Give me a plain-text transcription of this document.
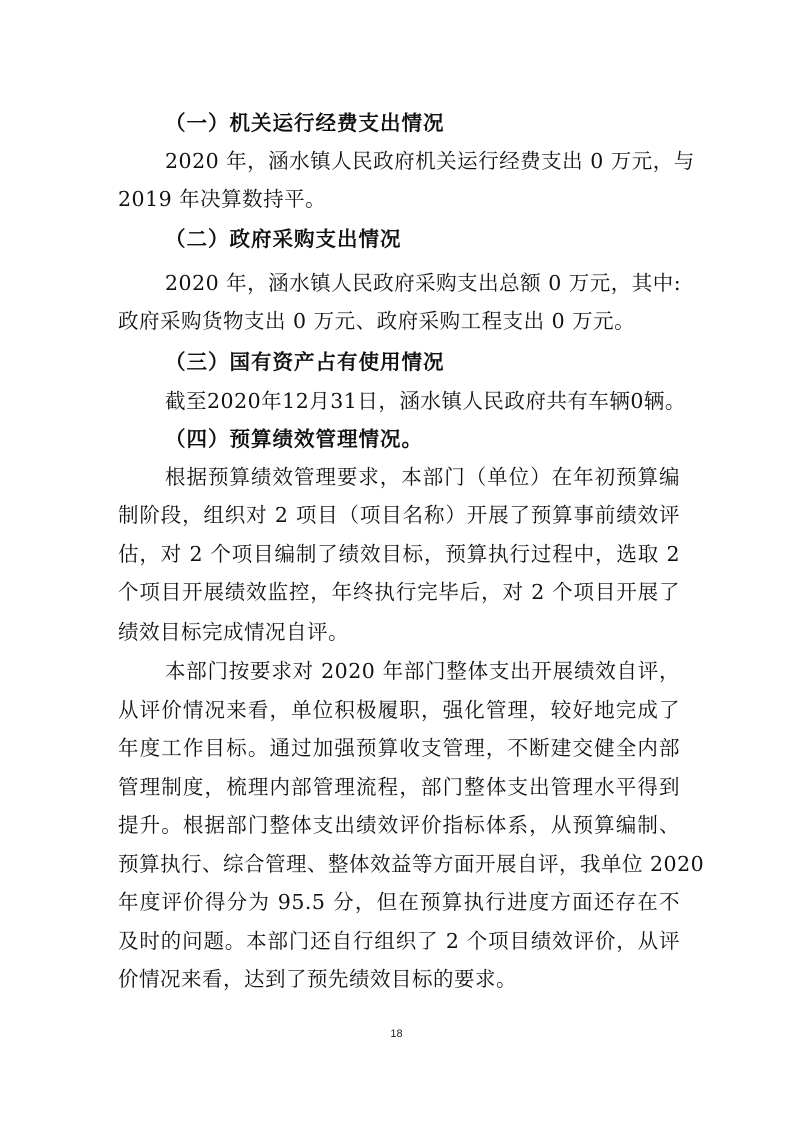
（一）机关运行经费支出情况
2020 年，涵水镇人民政府机关运行经费支出 0 万元，与
2019 年决算数持平。
（二）政府采购支出情况
2020 年，涵水镇人民政府采购支出总额 0 万元，其中:
政府采购货物支出 0 万元、政府采购工程支出 0 万元。
（三）国有资产占有使用情况
截至2020年12月31日，涵水镇人民政府共有车辆0辆。
（四）预算绩效管理情况。
根据预算绩效管理要求，本部门（单位）在年初预算编
制阶段，组织对 2 项目（项目名称）开展了预算事前绩效评
估，对 2 个项目编制了绩效目标，预算执行过程中，选取 2
个项目开展绩效监控，年终执行完毕后，对 2 个项目开展了
绩效目标完成情况自评。
本部门按要求对 2020 年部门整体支出开展绩效自评，
从评价情况来看，单位积极履职，强化管理，较好地完成了
年度工作目标。通过加强预算收支管理，不断建交健全内部
管理制度，梳理内部管理流程，部门整体支出管理水平得到
提升。根据部门整体支出绩效评价指标体系，从预算编制、
预算执行、综合管理、整体效益等方面开展自评，我单位 2020
年度评价得分为 95.5 分，但在预算执行进度方面还存在不
及时的问题。本部门还自行组织了 2 个项目绩效评价，从评
价情况来看，达到了预先绩效目标的要求。
18
